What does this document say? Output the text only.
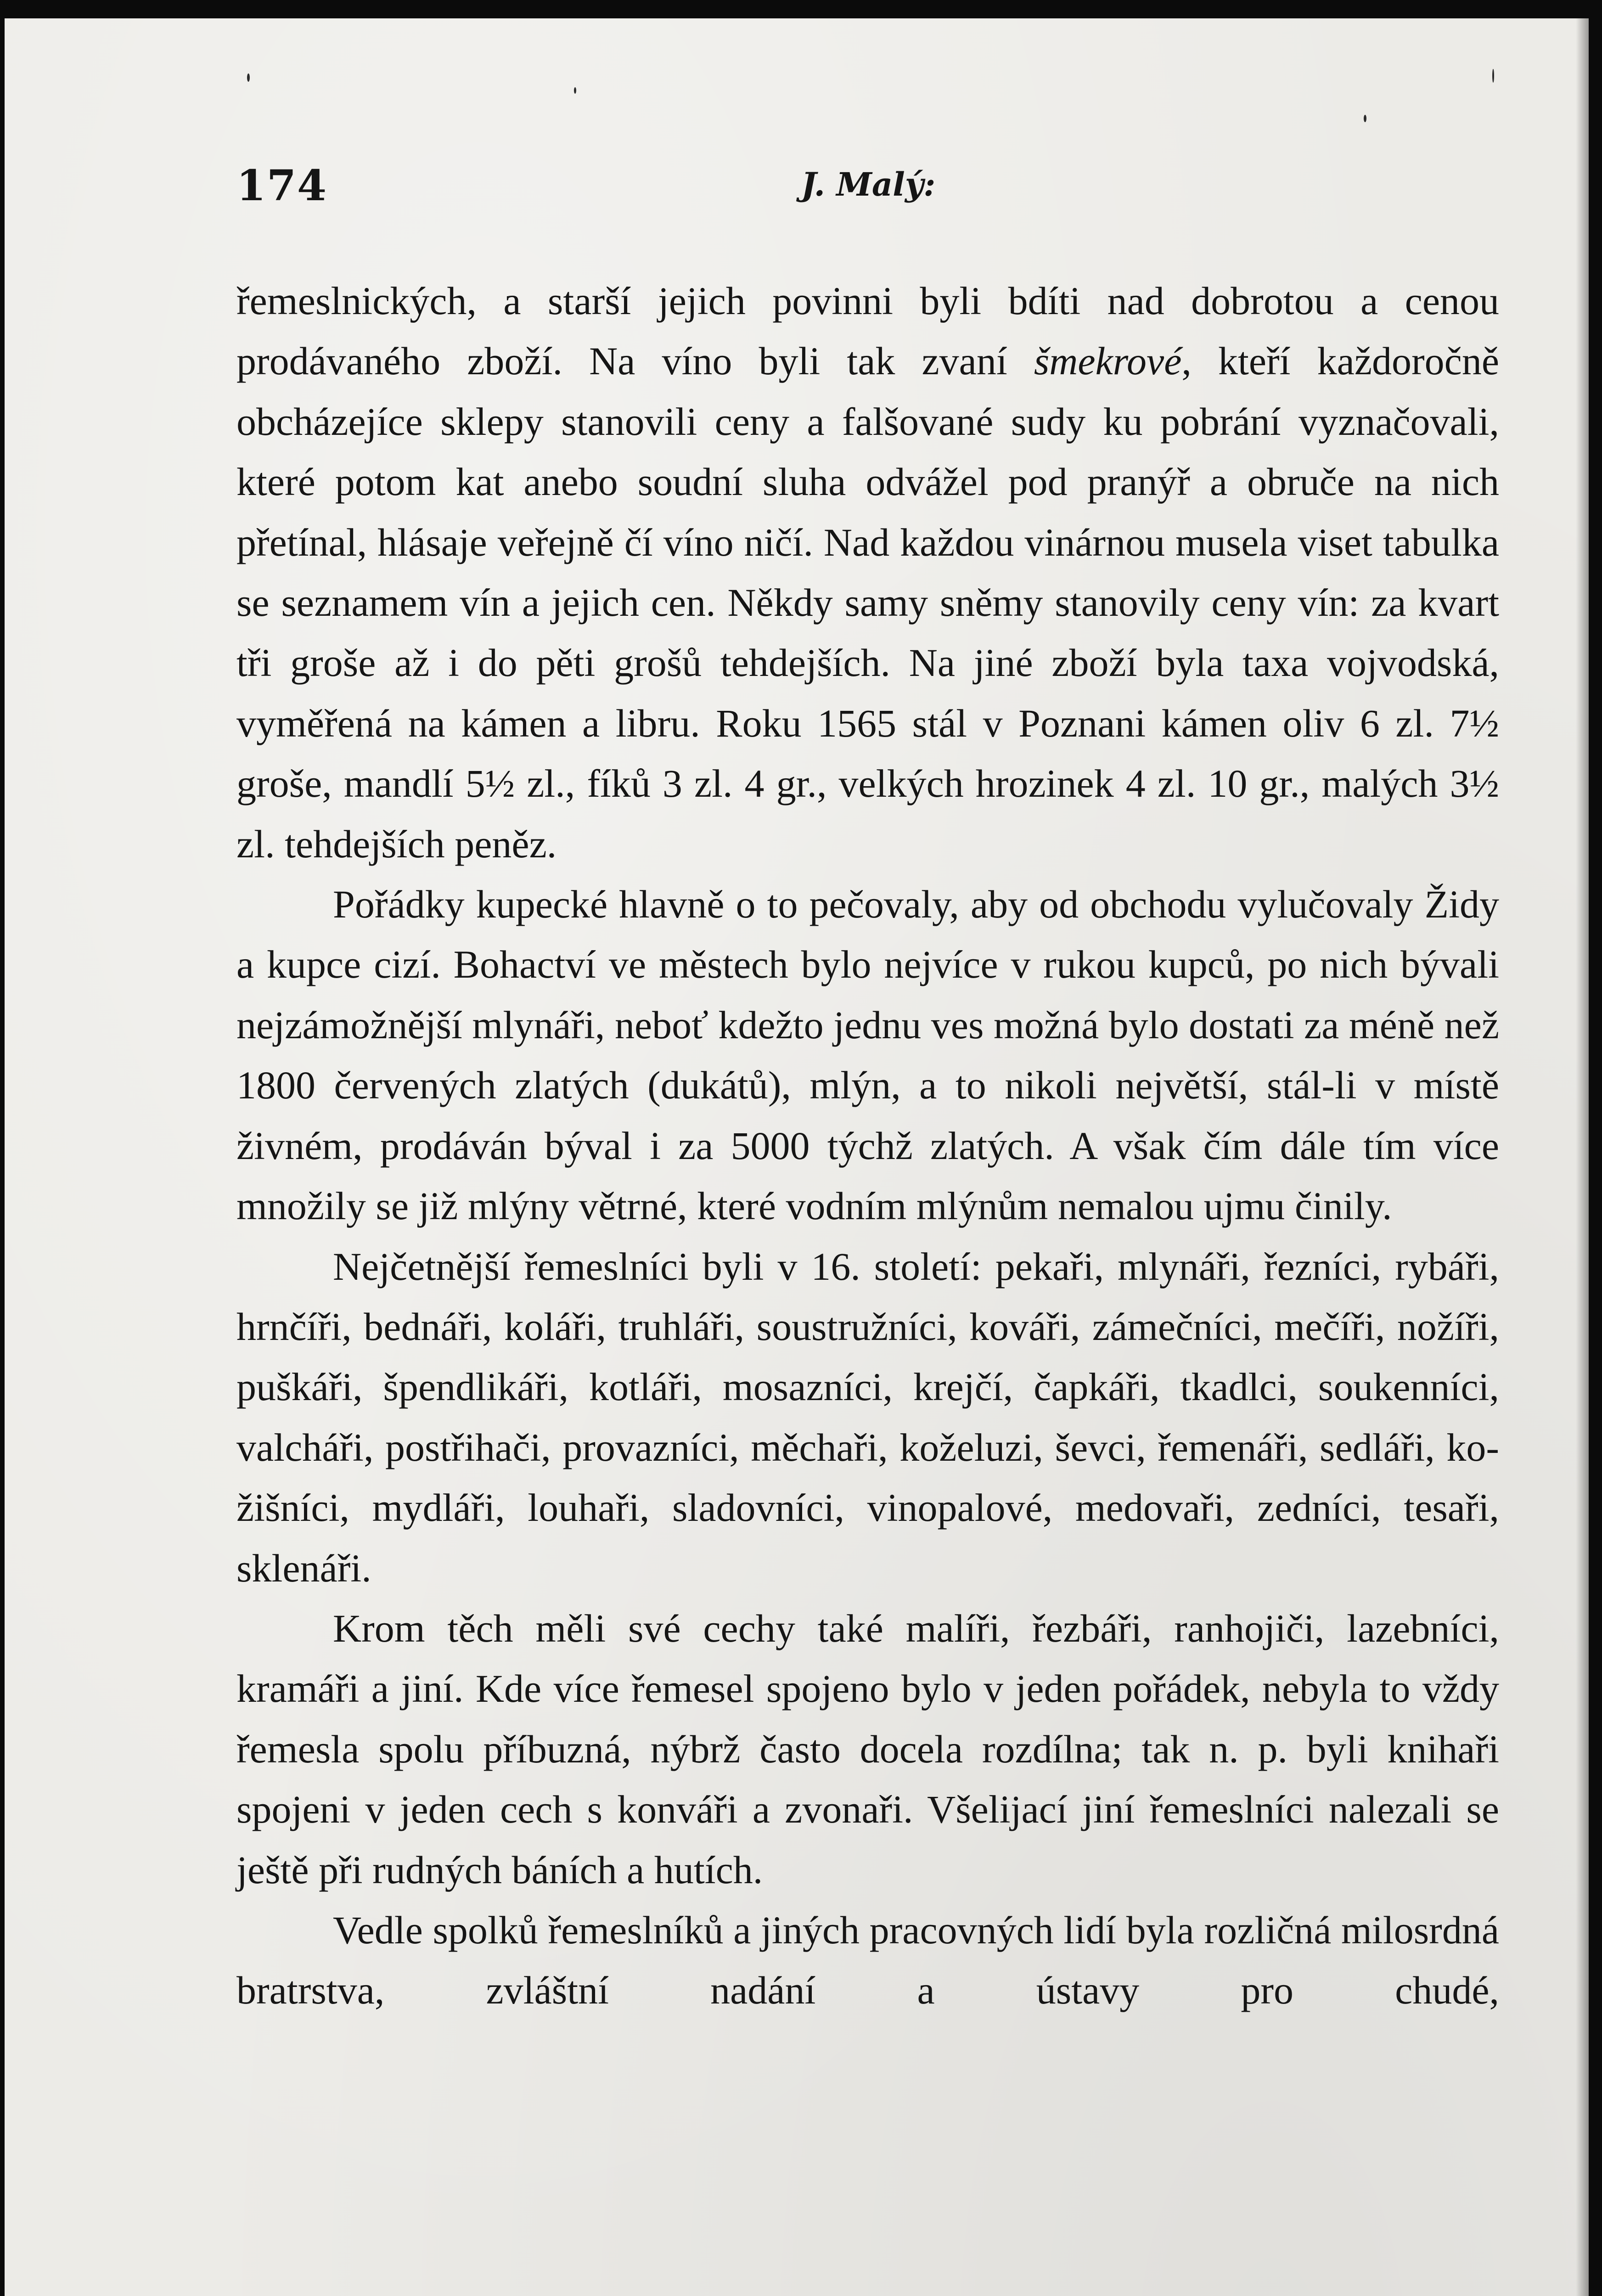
174	J. Malý:

řemeslnických, a starší jejich povinni byli bdíti nad dobrotou a cenou prodávaného zboží. Na víno byli tak zvaní šmekrové, kteří každoročně obcházejíce sklepy stanovili ceny a falšované sudy ku pobrání vyznačovali, které potom kat anebo soudní sluha odvážel pod pranýř a obruče na nich přetínal, hlásaje veřejně čí víno ničí. Nad každou vinárnou musela viset tabulka se seznamem vín a jejich cen. Někdy samy sněmy stanovily ceny vín: za kvart tři groše až i do pěti grošů tehdejších. Na jiné zboží byla taxa vojvodská, vyměřená na kámen a libru. Roku 1565 stál v Poznani kámen oliv 6 zl. 7½ groše, mandlí 5½ zl., fíků 3 zl. 4 gr., velkých hrozinek 4 zl. 10 gr., malých 3½ zl. tehdejších peněz.

Pořádky kupecké hlavně o to pečovaly, aby od obchodu vylučovaly Židy a kupce cizí. Bohactví ve městech bylo nejvíce v rukou kupců, po nich bývali nejzámožnější mlynáři, neboť kdežto jednu ves možná bylo dostati za méně než 1800 červených zlatých (dukátů), mlýn, a to nikoli největší, stál-li v místě živném, prodáván býval i za 5000 týchž zlatých. A však čím dále tím více množily se již mlýny větrné, které vodním mlýnům nemalou ujmu činily.

Nejčetnější řemeslníci byli v 16. století: pekaři, mlynáři, řezníci, rybáři, hrnčíři, bednáři, koláři, truhláři, soustružníci, kováři, zámečníci, mečíři, nožíři, puškáři, špendlikáři, kotláři, mosazníci, krejčí, čapkáři, tkadlci, soukenníci, valcháři, postřihači, provazníci, měchaři, koželuzi, ševci, řemenáři, sedláři, kožišníci, mydláři, louhaři, sladovníci, vinopalové, medovaři, zedníci, tesaři, sklenáři.

Krom těch měli své cechy také malíři, řezbáři, ranhojiči, lazebníci, kramáři a jiní. Kde více řemesel spojeno bylo v jeden pořádek, nebyla to vždy řemesla spolu příbuzná, nýbrž často docela rozdílna; tak n. p. byli knihaři spojeni v jeden cech s konváři a zvonaři. Všelijací jiní řemeslníci nalezali se ještě při rudných báních a hutích.

Vedle spolků řemeslníků a jiných pracovných lidí byla rozličná milosrdná bratrstva, zvláštní nadání a ústavy pro chudé,
